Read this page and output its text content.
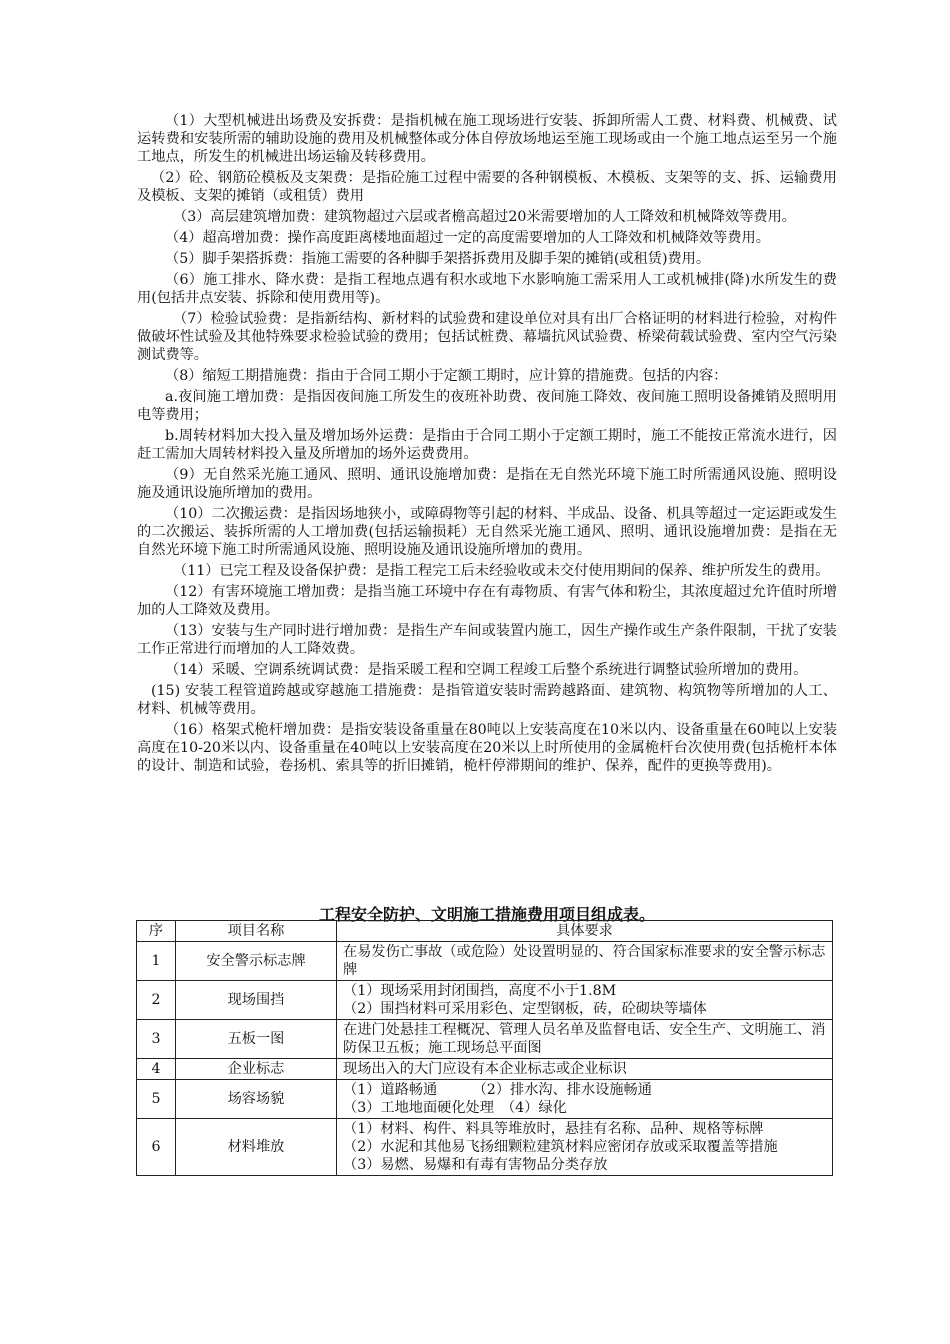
（1）大型机械进出场费及安拆费：是指机械在施工现场进行安装、拆卸所需人工费、材料费、机械费、试运转费和安装所需的辅助设施的费用及机械整体或分体自停放场地运至施工现场或由一个施工地点运至另一个施工地点，所发生的机械进出场运输及转移费用。

（2）砼、钢筋砼模板及支架费：是指砼施工过程中需要的各种钢模板、木模板、支架等的支、拆、运输费用及模板、支架的摊销（或租赁）费用

（3）高层建筑增加费：建筑物超过六层或者檐高超过20米需要增加的人工降效和机械降效等费用。

（4）超高增加费：操作高度距离楼地面超过一定的高度需要增加的人工降效和机械降效等费用。

（5）脚手架搭拆费：指施工需要的各种脚手架搭拆费用及脚手架的摊销(或租赁)费用。

（6）施工排水、降水费：是指工程地点遇有积水或地下水影响施工需采用人工或机械排(降)水所发生的费用(包括井点安装、拆除和使用费用等)。

（7）检验试验费：是指新结构、新材料的试验费和建设单位对具有出厂合格证明的材料进行检验，对构件做破坏性试验及其他特殊要求检验试验的费用；包括试桩费、幕墙抗风试验费、桥梁荷载试验费、室内空气污染测试费等。

（8）缩短工期措施费：指由于合同工期小于定额工期时，应计算的措施费。包括的内容：

a.夜间施工增加费：是指因夜间施工所发生的夜班补助费、夜间施工降效、夜间施工照明设备摊销及照明用电等费用；

b.周转材料加大投入量及增加场外运费：是指由于合同工期小于定额工期时，施工不能按正常流水进行，因赶工需加大周转材料投入量及所增加的场外运费费用。

（9）无自然采光施工通风、照明、通讯设施增加费：是指在无自然光环境下施工时所需通风设施、照明设施及通讯设施所增加的费用。

（10）二次搬运费：是指因场地狭小，或障碍物等引起的材料、半成品、设备、机具等超过一定运距或发生的二次搬运、装拆所需的人工增加费(包括运输损耗）无自然采光施工通风、照明、通讯设施增加费：是指在无自然光环境下施工时所需通风设施、照明设施及通讯设施所增加的费用。

（11）已完工程及设备保护费：是指工程完工后未经验收或未交付使用期间的保养、维护所发生的费用。

（12）有害环境施工增加费：是指当施工环境中存在有毒物质、有害气体和粉尘，其浓度超过允许值时所增加的人工降效及费用。

（13）安装与生产同时进行增加费：是指生产车间或装置内施工，因生产操作或生产条件限制，干扰了安装工作正常进行而增加的人工降效费。

（14）采暖、空调系统调试费：是指采暖工程和空调工程竣工后整个系统进行调整试验所增加的费用。

(15) 安装工程管道跨越或穿越施工措施费：是指管道安装时需跨越路面、建筑物、构筑物等所增加的人工、材料、机械等费用。

（16）格架式桅杆增加费：是指安装设备重量在80吨以上安装高度在10米以内、设备重量在60吨以上安装高度在10-20米以内、设备重量在40吨以上安装高度在20米以上时所使用的金属桅杆台次使用费(包括桅杆本体的设计、制造和试验，卷扬机、索具等的折旧摊销，桅杆停滞期间的维护、保养，配件的更换等费用)。

工程安全防护、文明施工措施费用项目组成表。
序	项目名称	具体要求
1	安全警示标志牌	在易发伤亡事故（或危险）处设置明显的、符合国家标准要求的安全警示标志牌

2	现场围挡	（1）现场采用封闭围挡，高度不小于1.8M
（2）围挡材料可采用彩色、定型钢板，砖，砼砌块等墙体

3	五板一图	在进门处悬挂工程概况、管理人员名单及监督电话、安全生产、文明施工、消防保卫五板；施工现场总平面图

4	企业标志	现场出入的大门应设有本企业标志或企业标识

5	场容场貌	（1）道路畅通　　　（2）排水沟、排水设施畅通
（3）工地地面硬化处理　（4）绿化

6	材料堆放	（1）材料、构件、料具等堆放时，悬挂有名称、品种、规格等标牌
（2）水泥和其他易飞扬细颗粒建筑材料应密闭存放或采取覆盖等措施
（3）易燃、易爆和有毒有害物品分类存放
